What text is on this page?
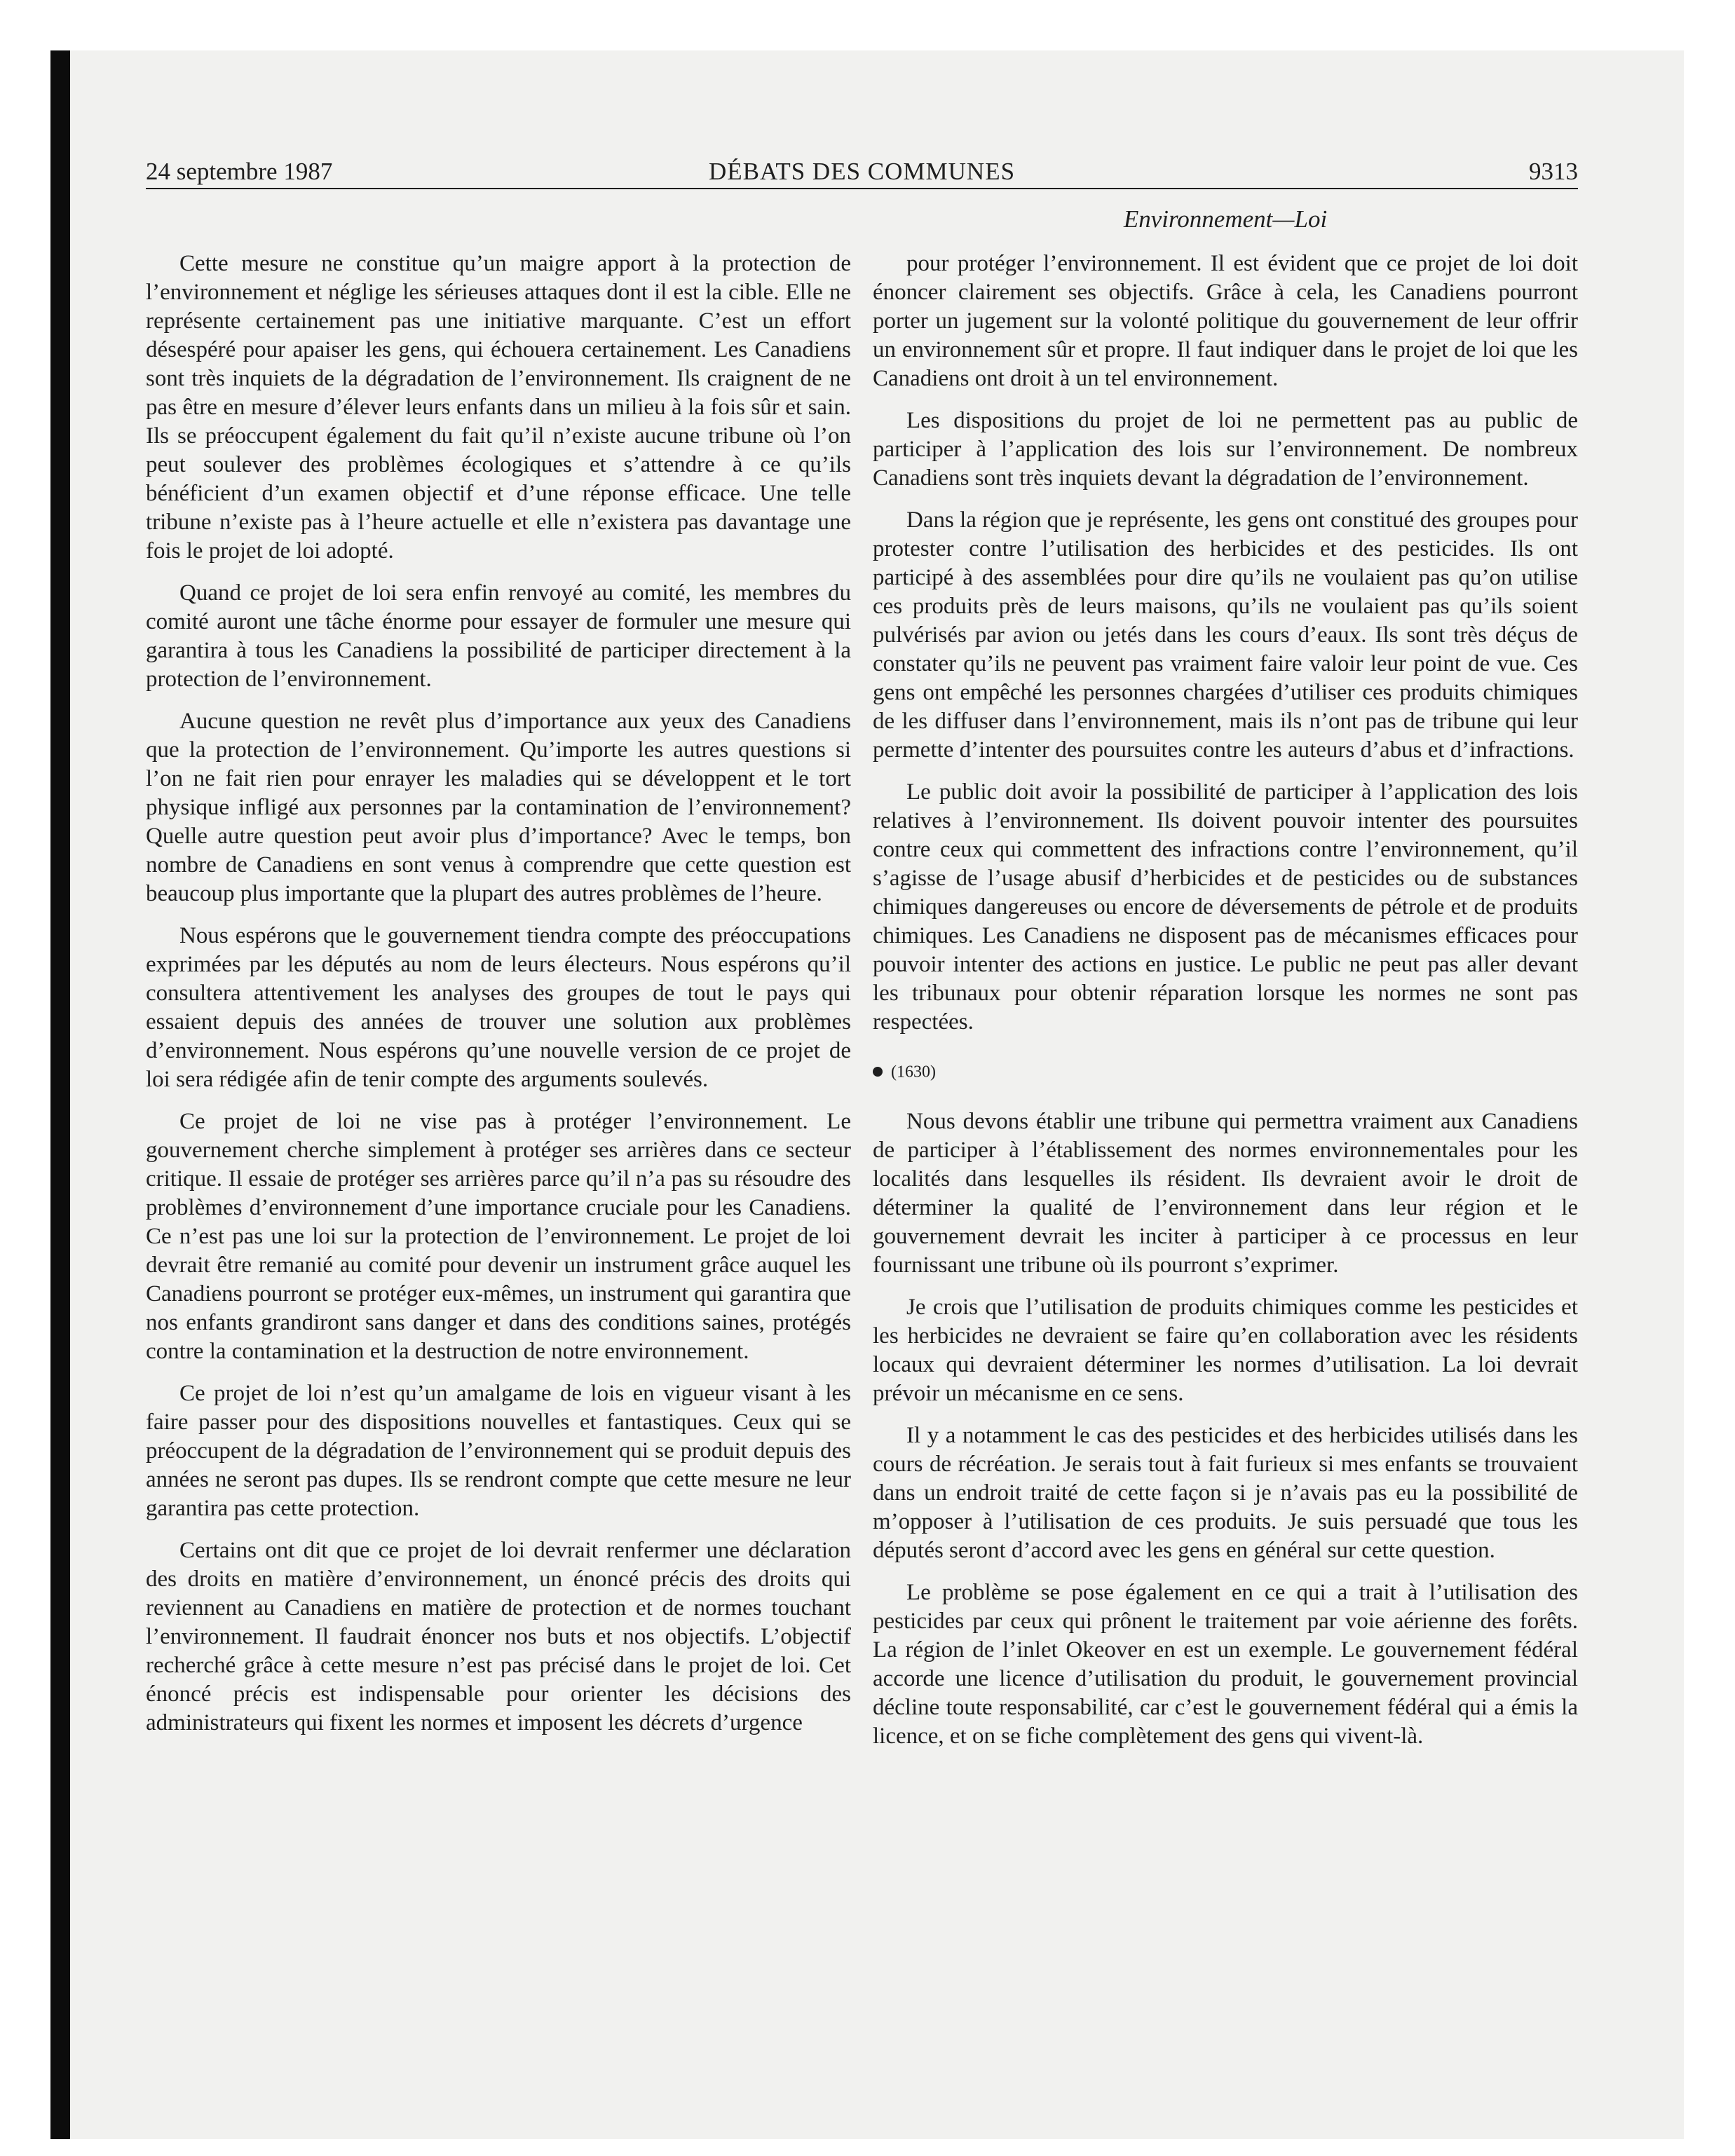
24 septembre 1987	DÉBATS DES COMMUNES	9313
Environnement—Loi

Cette mesure ne constitue qu’un maigre apport à la protection de l’environnement et néglige les sérieuses attaques dont il est la cible. Elle ne représente certainement pas une initiative marquante. C’est un effort désespéré pour apaiser les gens, qui échouera certainement. Les Canadiens sont très inquiets de la dégradation de l’environnement. Ils craignent de ne pas être en mesure d’élever leurs enfants dans un milieu à la fois sûr et sain. Ils se préoccupent également du fait qu’il n’existe aucune tribune où l’on peut soulever des problèmes écologiques et s’attendre à ce qu’ils bénéficient d’un examen objectif et d’une réponse efficace. Une telle tribune n’existe pas à l’heure actuelle et elle n’existera pas davantage une fois le projet de loi adopté.

Quand ce projet de loi sera enfin renvoyé au comité, les membres du comité auront une tâche énorme pour essayer de formuler une mesure qui garantira à tous les Canadiens la possibilité de participer directement à la protection de l’environnement.

Aucune question ne revêt plus d’importance aux yeux des Canadiens que la protection de l’environnement. Qu’importe les autres questions si l’on ne fait rien pour enrayer les maladies qui se développent et le tort physique infligé aux personnes par la contamination de l’environnement? Quelle autre question peut avoir plus d’importance? Avec le temps, bon nombre de Canadiens en sont venus à comprendre que cette question est beaucoup plus importante que la plupart des autres problèmes de l’heure.

Nous espérons que le gouvernement tiendra compte des préoccupations exprimées par les députés au nom de leurs électeurs. Nous espérons qu’il consultera attentivement les analyses des groupes de tout le pays qui essaient depuis des années de trouver une solution aux problèmes d’environnement. Nous espérons qu’une nouvelle version de ce projet de loi sera rédigée afin de tenir compte des arguments soulevés.

Ce projet de loi ne vise pas à protéger l’environnement. Le gouvernement cherche simplement à protéger ses arrières dans ce secteur critique. Il essaie de protéger ses arrières parce qu’il n’a pas su résoudre des problèmes d’environnement d’une importance cruciale pour les Canadiens. Ce n’est pas une loi sur la protection de l’environnement. Le projet de loi devrait être remanié au comité pour devenir un instrument grâce auquel les Canadiens pourront se protéger eux-mêmes, un instrument qui garantira que nos enfants grandiront sans danger et dans des conditions saines, protégés contre la contamination et la destruction de notre environnement.

Ce projet de loi n’est qu’un amalgame de lois en vigueur visant à les faire passer pour des dispositions nouvelles et fantastiques. Ceux qui se préoccupent de la dégradation de l’environnement qui se produit depuis des années ne seront pas dupes. Ils se rendront compte que cette mesure ne leur garantira pas cette protection.

Certains ont dit que ce projet de loi devrait renfermer une déclaration des droits en matière d’environnement, un énoncé précis des droits qui reviennent au Canadiens en matière de protection et de normes touchant l’environnement. Il faudrait énoncer nos buts et nos objectifs. L’objectif recherché grâce à cette mesure n’est pas précisé dans le projet de loi. Cet énoncé précis est indispensable pour orienter les décisions des administrateurs qui fixent les normes et imposent les décrets d’urgence

pour protéger l’environnement. Il est évident que ce projet de loi doit énoncer clairement ses objectifs. Grâce à cela, les Canadiens pourront porter un jugement sur la volonté politique du gouvernement de leur offrir un environnement sûr et propre. Il faut indiquer dans le projet de loi que les Canadiens ont droit à un tel environnement.

Les dispositions du projet de loi ne permettent pas au public de participer à l’application des lois sur l’environnement. De nombreux Canadiens sont très inquiets devant la dégradation de l’environnement.

Dans la région que je représente, les gens ont constitué des groupes pour protester contre l’utilisation des herbicides et des pesticides. Ils ont participé à des assemblées pour dire qu’ils ne voulaient pas qu’on utilise ces produits près de leurs maisons, qu’ils ne voulaient pas qu’ils soient pulvérisés par avion ou jetés dans les cours d’eaux. Ils sont très déçus de constater qu’ils ne peuvent pas vraiment faire valoir leur point de vue. Ces gens ont empêché les personnes chargées d’utiliser ces produits chimiques de les diffuser dans l’environnement, mais ils n’ont pas de tribune qui leur permette d’intenter des poursuites contre les auteurs d’abus et d’infractions.

Le public doit avoir la possibilité de participer à l’application des lois relatives à l’environnement. Ils doivent pouvoir intenter des poursuites contre ceux qui commettent des infractions contre l’environnement, qu’il s’agisse de l’usage abusif d’herbicides et de pesticides ou de substances chimiques dangereuses ou encore de déversements de pétrole et de produits chimiques. Les Canadiens ne disposent pas de mécanismes efficaces pour pouvoir intenter des actions en justice. Le public ne peut pas aller devant les tribunaux pour obtenir réparation lorsque les normes ne sont pas respectées.

(1630)

Nous devons établir une tribune qui permettra vraiment aux Canadiens de participer à l’établissement des normes environnementales pour les localités dans lesquelles ils résident. Ils devraient avoir le droit de déterminer la qualité de l’environnement dans leur région et le gouvernement devrait les inciter à participer à ce processus en leur fournissant une tribune où ils pourront s’exprimer.

Je crois que l’utilisation de produits chimiques comme les pesticides et les herbicides ne devraient se faire qu’en collaboration avec les résidents locaux qui devraient déterminer les normes d’utilisation. La loi devrait prévoir un mécanisme en ce sens.

Il y a notamment le cas des pesticides et des herbicides utilisés dans les cours de récréation. Je serais tout à fait furieux si mes enfants se trouvaient dans un endroit traité de cette façon si je n’avais pas eu la possibilité de m’opposer à l’utilisation de ces produits. Je suis persuadé que tous les députés seront d’accord avec les gens en général sur cette question.

Le problème se pose également en ce qui a trait à l’utilisation des pesticides par ceux qui prônent le traitement par voie aérienne des forêts. La région de l’inlet Okeover en est un exemple. Le gouvernement fédéral accorde une licence d’utilisation du produit, le gouvernement provincial décline toute responsabilité, car c’est le gouvernement fédéral qui a émis la licence, et on se fiche complètement des gens qui vivent-là.
